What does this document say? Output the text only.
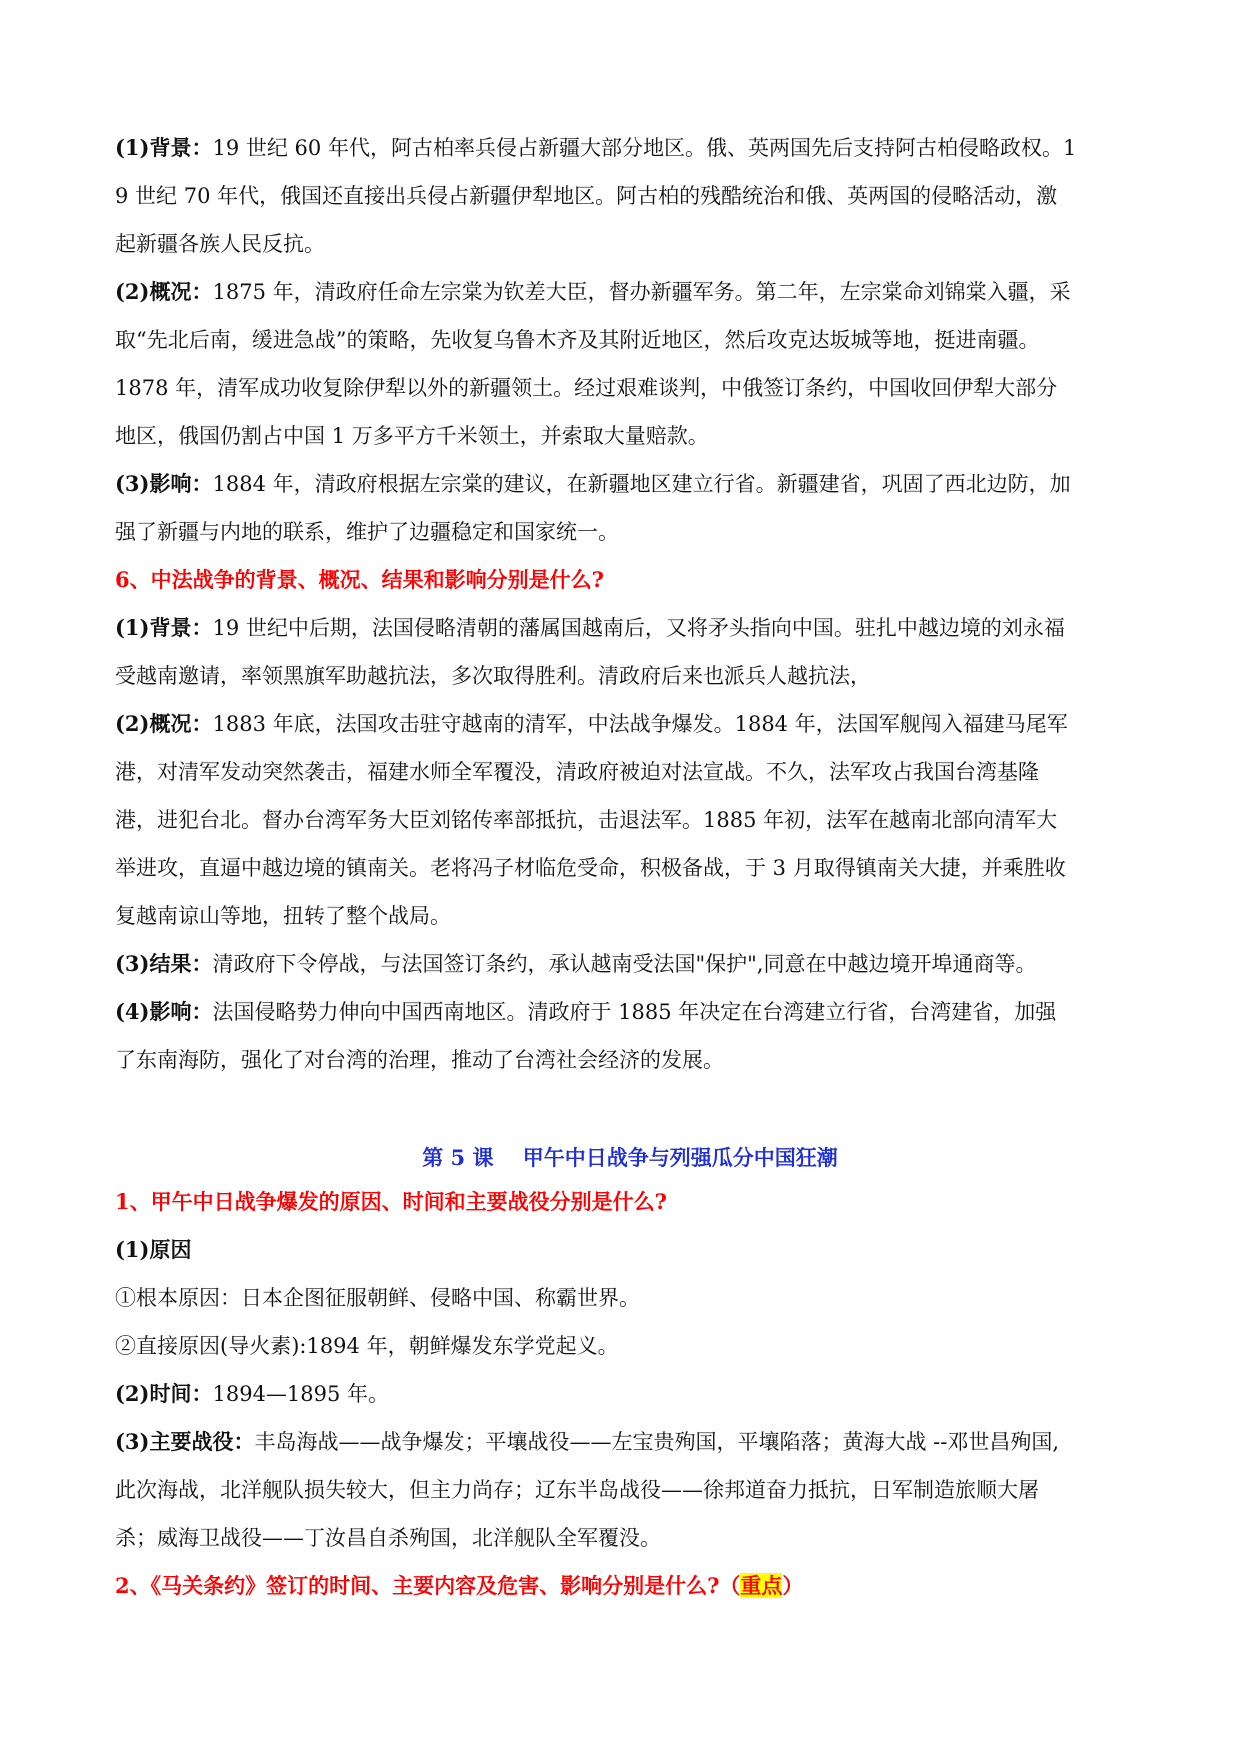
(1)背景：19 世纪 60 年代，阿古柏率兵侵占新疆大部分地区。俄、英两国先后支持阿古柏侵略政权。1
9 世纪 70 年代，俄国还直接出兵侵占新疆伊犁地区。阿古柏的残酷统治和俄、英两国的侵略活动，激
起新疆各族人民反抗。
(2)概况：1875 年，清政府任命左宗棠为钦差大臣，督办新疆军务。第二年，左宗棠命刘锦棠入疆，采
取“先北后南，缓进急战”的策略，先收复乌鲁木齐及其附近地区，然后攻克达坂城等地，挺进南疆。
1878 年，清军成功收复除伊犁以外的新疆领土。经过艰难谈判，中俄签订条约，中国收回伊犁大部分
地区，俄国仍割占中国 1 万多平方千米领土，并索取大量赔款。
(3)影响：1884 年，清政府根据左宗棠的建议，在新疆地区建立行省。新疆建省，巩固了西北边防，加
强了新疆与内地的联系，维护了边疆稳定和国家统一。
6、中法战争的背景、概况、结果和影响分别是什么?
(1)背景：19 世纪中后期，法国侵略清朝的藩属国越南后，又将矛头指向中国。驻扎中越边境的刘永福
受越南邀请，率领黑旗军助越抗法，多次取得胜利。清政府后来也派兵人越抗法，
(2)概况：1883 年底，法国攻击驻守越南的清军，中法战争爆发。1884 年，法国军舰闯入福建马尾军
港，对清军发动突然袭击，福建水师全军覆没，清政府被迫对法宣战。不久，法军攻占我国台湾基隆
港，进犯台北。督办台湾军务大臣刘铭传率部抵抗，击退法军。1885 年初，法军在越南北部向清军大
举进攻，直逼中越边境的镇南关。老将冯子材临危受命，积极备战，于 3 月取得镇南关大捷，并乘胜收
复越南谅山等地，扭转了整个战局。
(3)结果：清政府下令停战，与法国签订条约，承认越南受法国"保护",同意在中越边境开埠通商等。
(4)影响：法国侵略势力伸向中国西南地区。清政府于 1885 年决定在台湾建立行省，台湾建省，加强
了东南海防，强化了对台湾的治理，推动了台湾社会经济的发展。
第 5 课    甲午中日战争与列强瓜分中国狂潮
1、甲午中日战争爆发的原因、时间和主要战役分别是什么?
(1)原因
①根本原因：日本企图征服朝鲜、侵略中国、称霸世界。
②直接原因(导火素):1894 年，朝鲜爆发东学党起义。
(2)时间：1894—1895 年。
(3)主要战役：丰岛海战——战争爆发；平壤战役——左宝贵殉国，平壤陷落；黄海大战 --邓世昌殉国,
此次海战，北洋舰队损失较大，但主力尚存；辽东半岛战役——徐邦道奋力抵抗，日军制造旅顺大屠
杀；威海卫战役——丁汝昌自杀殉国，北洋舰队全军覆没。
2、《马关条约》签订的时间、主要内容及危害、影响分别是什么?（重点）
